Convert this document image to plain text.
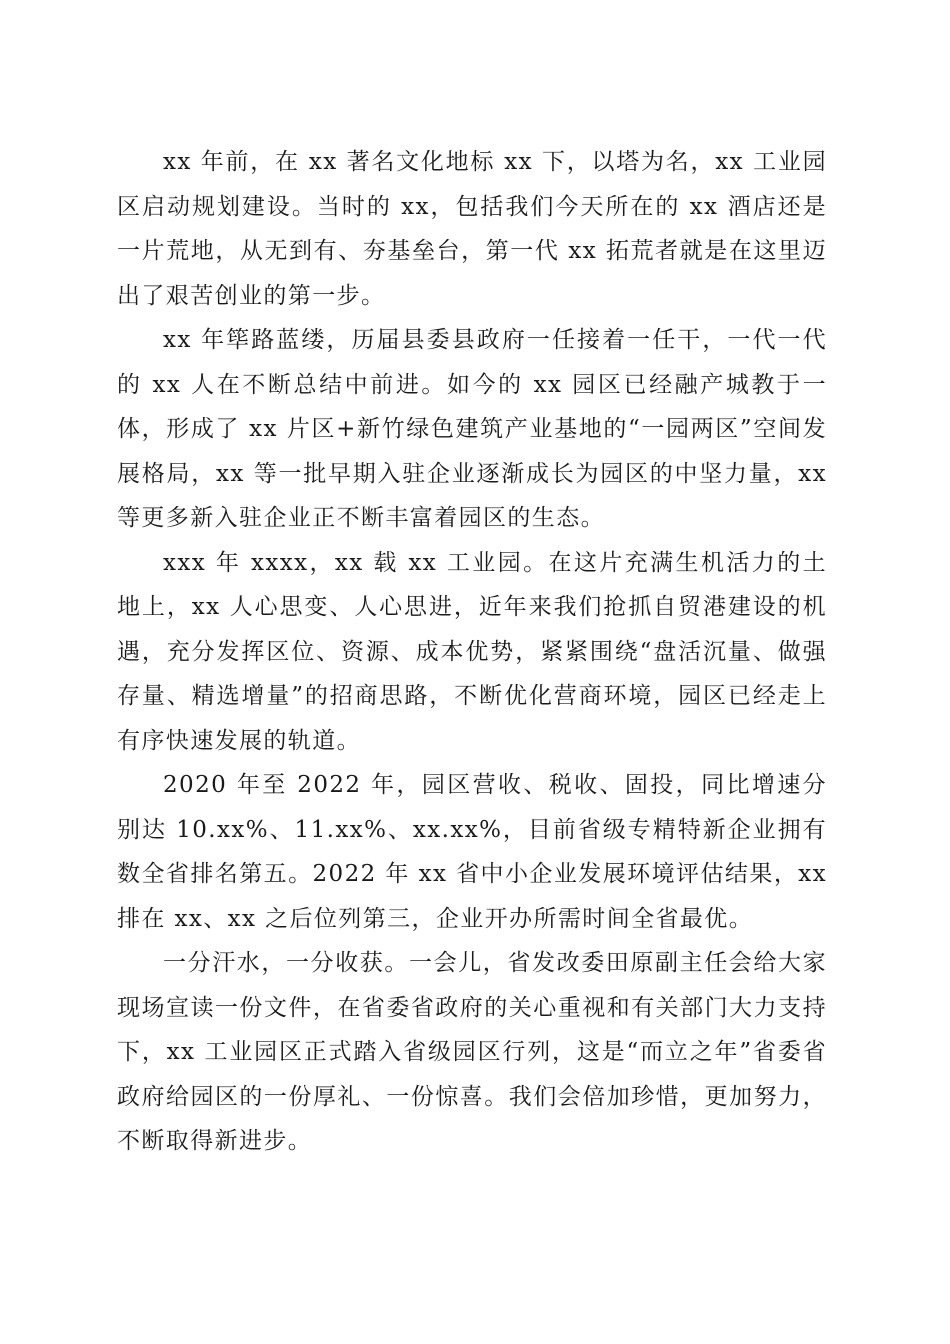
xx 年前，在 xx 著名文化地标 xx 下，以塔为名，xx 工业园区启动规划建设。当时的 xx，包括我们今天所在的 xx 酒店还是一片荒地，从无到有、夯基垒台，第一代 xx 拓荒者就是在这里迈出了艰苦创业的第一步。

xx 年筚路蓝缕，历届县委县政府一任接着一任干，一代一代的 xx 人在不断总结中前进。如今的 xx 园区已经融产城教于一体，形成了 xx 片区+新竹绿色建筑产业基地的“一园两区”空间发展格局，xx 等一批早期入驻企业逐渐成长为园区的中坚力量，xx 等更多新入驻企业正不断丰富着园区的生态。

xxx 年 xxxx，xx 载 xx 工业园。在这片充满生机活力的土地上，xx 人心思变、人心思进，近年来我们抢抓自贸港建设的机遇，充分发挥区位、资源、成本优势，紧紧围绕“盘活沉量、做强存量、精选增量”的招商思路，不断优化营商环境，园区已经走上有序快速发展的轨道。

2020 年至 2022 年，园区营收、税收、固投，同比增速分别达 10.xx%、11.xx%、xx.xx%，目前省级专精特新企业拥有数全省排名第五。2022 年 xx 省中小企业发展环境评估结果，xx 排在 xx、xx 之后位列第三，企业开办所需时间全省最优。

一分汗水，一分收获。一会儿，省发改委田原副主任会给大家现场宣读一份文件，在省委省政府的关心重视和有关部门大力支持下，xx 工业园区正式踏入省级园区行列，这是“而立之年”省委省政府给园区的一份厚礼、一份惊喜。我们会倍加珍惜，更加努力，不断取得新进步。
